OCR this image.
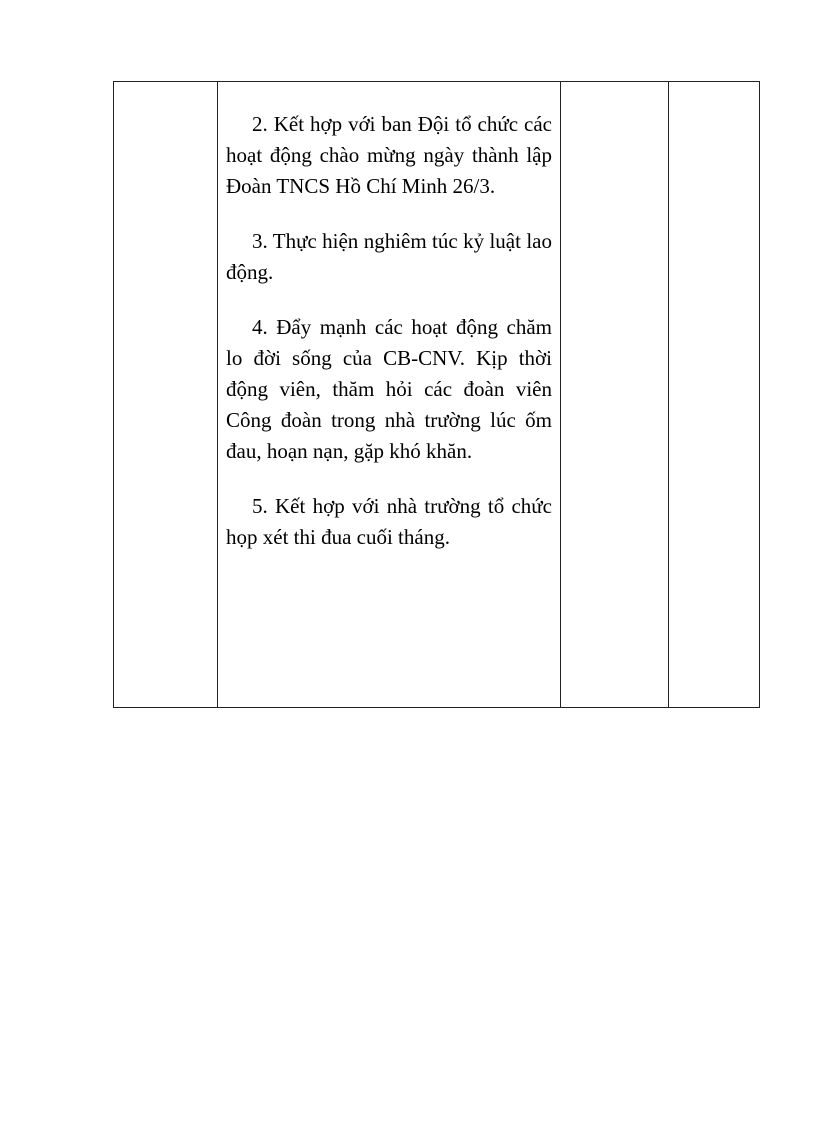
2. Kết hợp với ban Đội tổ chức các hoạt động chào mừng ngày thành lập Đoàn TNCS Hồ Chí Minh 26/3.

3. Thực hiện nghiêm túc kỷ luật lao động.

4. Đẩy mạnh các hoạt động chăm lo đời sống của CB-CNV. Kịp thời động viên, thăm hỏi các đoàn viên Công đoàn trong nhà trường lúc ốm đau, hoạn nạn, gặp khó khăn.

5. Kết hợp với nhà trường tổ chức họp xét thi đua cuối tháng.
